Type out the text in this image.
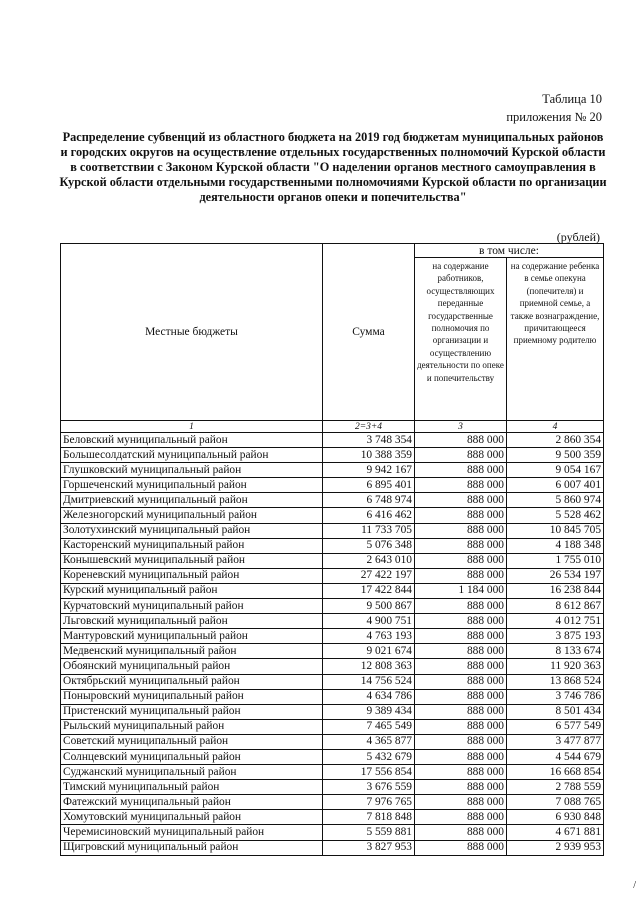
Таблица 10
приложения № 20
Распределение субвенций из областного бюджета на 2019 год бюджетам муниципальных районов и городских округов на осуществление отдельных государственных полномочий Курской области в соответствии с Законом Курской области "О наделении органов местного самоуправления в Курской области отдельными государственными полномочиями Курской области по организации деятельности органов опеки и попечительства"
(рублей)
Местные бюджеты	Сумма	в том числе:	
		на содержание работников, осуществляющих переданные государственные полномочия по организации и осуществлению деятельности по опеке и попечительству	на содержание ребенка в семье опекуна (попечителя) и приемной семье, а также вознаграждение, причитающееся приемному родителю
1	2=3+4	3	4
Беловский муниципальный район	3 748 354	888 000	2 860 354
Большесолдатский муниципальный район	10 388 359	888 000	9 500 359
Глушковский муниципальный район	9 942 167	888 000	9 054 167
Горшеченский муниципальный район	6 895 401	888 000	6 007 401
Дмитриевский муниципальный район	6 748 974	888 000	5 860 974
Железногорский муниципальный район	6 416 462	888 000	5 528 462
Золотухинский муниципальный район	11 733 705	888 000	10 845 705
Касторенский муниципальный район	5 076 348	888 000	4 188 348
Конышевский муниципальный район	2 643 010	888 000	1 755 010
Кореневский муниципальный район	27 422 197	888 000	26 534 197
Курский муниципальный район	17 422 844	1 184 000	16 238 844
Курчатовский муниципальный район	9 500 867	888 000	8 612 867
Льговский муниципальный район	4 900 751	888 000	4 012 751
Мантуровский муниципальный район	4 763 193	888 000	3 875 193
Медвенский муниципальный район	9 021 674	888 000	8 133 674
Обоянский муниципальный район	12 808 363	888 000	11 920 363
Октябрьский муниципальный район	14 756 524	888 000	13 868 524
Поныровский муниципальный район	4 634 786	888 000	3 746 786
Пристенский муниципальный район	9 389 434	888 000	8 501 434
Рыльский муниципальный район	7 465 549	888 000	6 577 549
Советский муниципальный район	4 365 877	888 000	3 477 877
Солнцевский муниципальный район	5 432 679	888 000	4 544 679
Суджанский муниципальный район	17 556 854	888 000	16 668 854
Тимский муниципальный район	3 676 559	888 000	2 788 559
Фатежский муниципальный район	7 976 765	888 000	7 088 765
Хомутовский муниципальный район	7 818 848	888 000	6 930 848
Черемисиновский муниципальный район	5 559 881	888 000	4 671 881
Щигровский муниципальный район	3 827 953	888 000	2 939 953
/
